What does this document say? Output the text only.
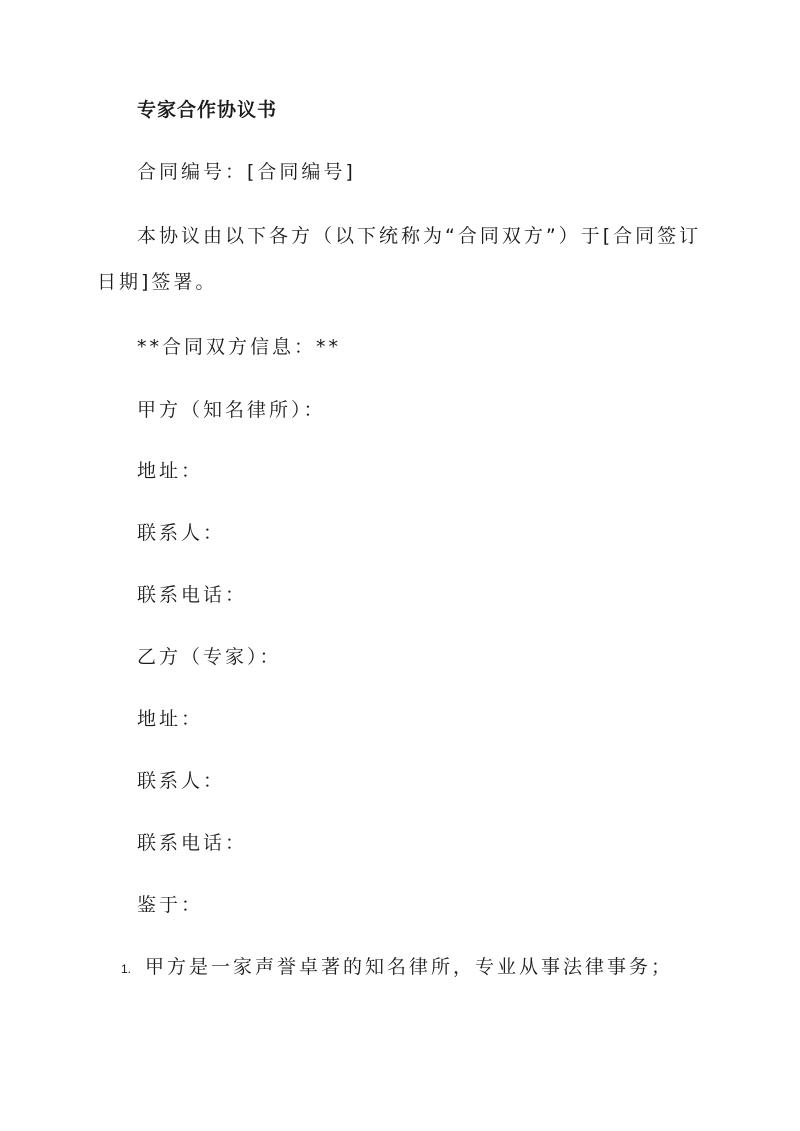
专家合作协议书
合同编号：[合同编号]
本协议由以下各方（以下统称为“合同双方”）于[合同签订
日期]签署。
**合同双方信息：**
甲方（知名律所）：
地址：
联系人：
联系电话：
乙方（专家）：
地址：
联系人：
联系电话：
鉴于：
1. 甲方是一家声誉卓著的知名律所，专业从事法律事务；
